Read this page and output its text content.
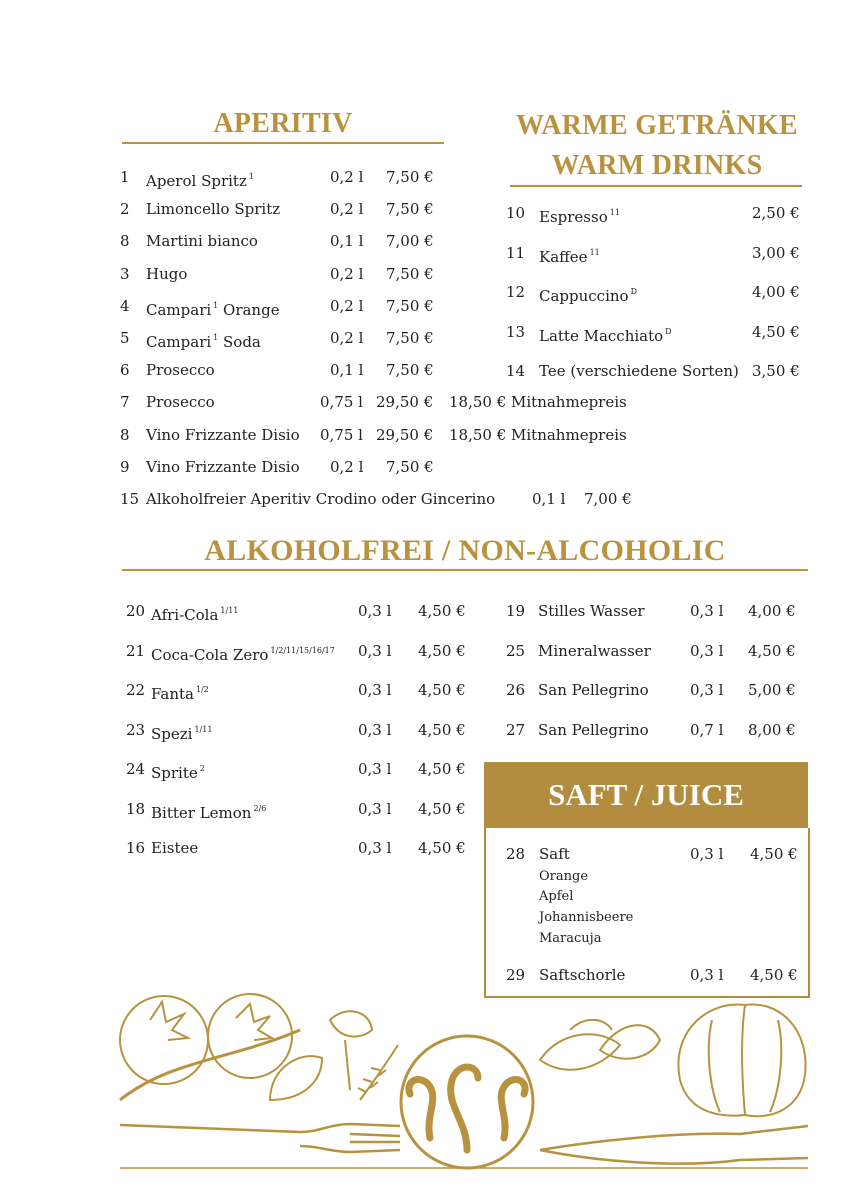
APERITIV
1 Aperol Spritz $^1$	0,2 l 7,50 €
2 Limoncello Spritz	0,2 l 7,50 €
8 Martini bianco	0,1 l 7,00 €
3 Hugo	0,2 l 7,50 €
4 Campari $^1$ Orange	0,2 l 7,50 €
5 Campari $^1$ Soda	0,2 l 7,50 €
6 Prosecco	0,1 l 7,50 €
7 Prosecco	0,75 l 29,50 € 18,50 € Mitnahmepreis
8 Vino Frizzante Disio 0,75 l 29,50 € 18,50 € Mitnahmepreis
9 Vino Frizzante Disio 0,2 l 7,50 €
15 Alkoholfreier Aperitiv Crodino oder Gincerino 0,1 l 7,00 €
WARME GETRÄNKE
WARM DRINKS
10 Espresso $^{11}$	2,50 €
11 Kaffee $^{11}$	3,00 €
12 Cappuccino $^D$	4,00 €
13 Latte Macchiato $^D$	4,50 €
14 Tee (verschiedene Sorten) 3,50 €
ALKOHOLFREI / NON-ALCOHOLIC
20 Afri-Cola $^{1/11}$	0,3 l 4,50 €
21 Coca-Cola Zero $^{1/2/11/15/16/17}$ 0,3 l 4,50 €
22 Fanta $^{1/2}$	0,3 l 4,50 €
23 Spezi $^{1/11}$	0,3 l 4,50 €
24 Sprite $^2$	0,3 l 4,50 €
18 Bitter Lemon $^{2/6}$	0,3 l 4,50 €
16 Eistee	0,3 l 4,50 €
19 Stilles Wasser	0,3 l 4,00 €
25 Mineralwasser	0,3 l 4,50 €
26 San Pellegrino	0,3 l 5,00 €
27 San Pellegrino	0,7 l 8,00 €
SAFT / JUICE
28 Saft	0,3 l 4,50 €
Orange
Apfel
Johannisbeere
Maracuja
29 Saftschorle	0,3 l 4,50 €
